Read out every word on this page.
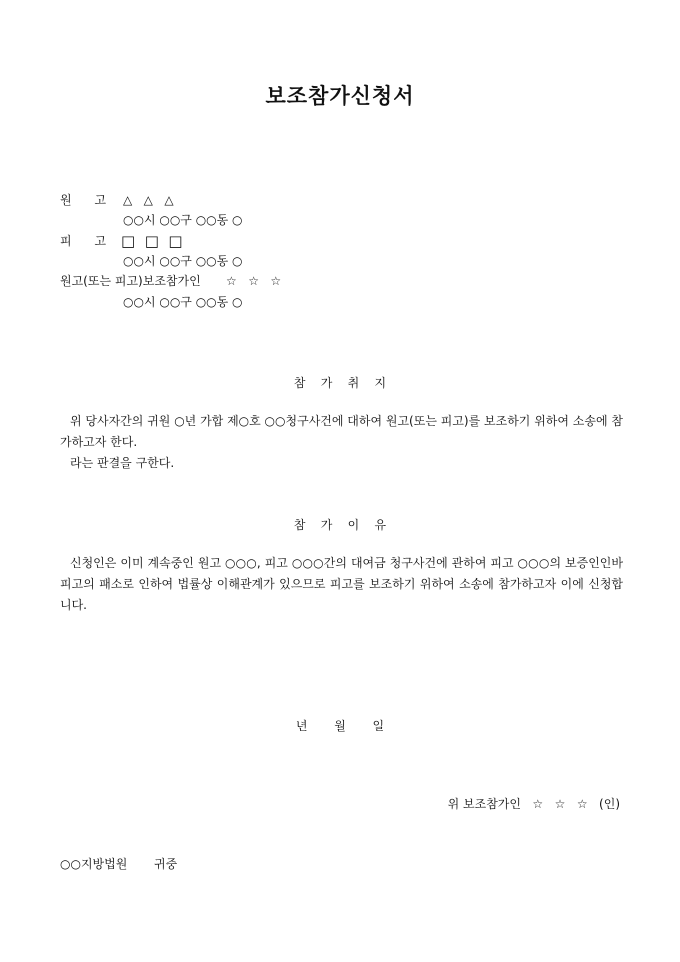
보조참가신청서
원      고 △   △   △
○○시 ○○구 ○○동 ○
피      고 □  □  □
○○시 ○○구 ○○동 ○
원고(또는 피고)보조참가인 ☆   ☆   ☆
○○시 ○○구 ○○동 ○
참    가    취    지
위 당사자간의 귀원 ○년 가합 제○호 ○○청구사건에 대하여 원고(또는 피고)를 보조하기 위하여 소송에 참가하고자 한다.
라는 판결을 구한다.
참    가    이    유
신청인은 이미 계속중인 원고 ○○○, 피고 ○○○간의 대여금 청구사건에 관하여 피고 ○○○의 보증인인바 피고의 패소로 인하여 법률상 이해관계가 있으므로 피고를 보조하기 위하여 소송에 참가하고자 이에 신청합니다.
년       월       일
위 보조참가인   ☆   ☆   ☆   (인)
○○지방법원       귀중
